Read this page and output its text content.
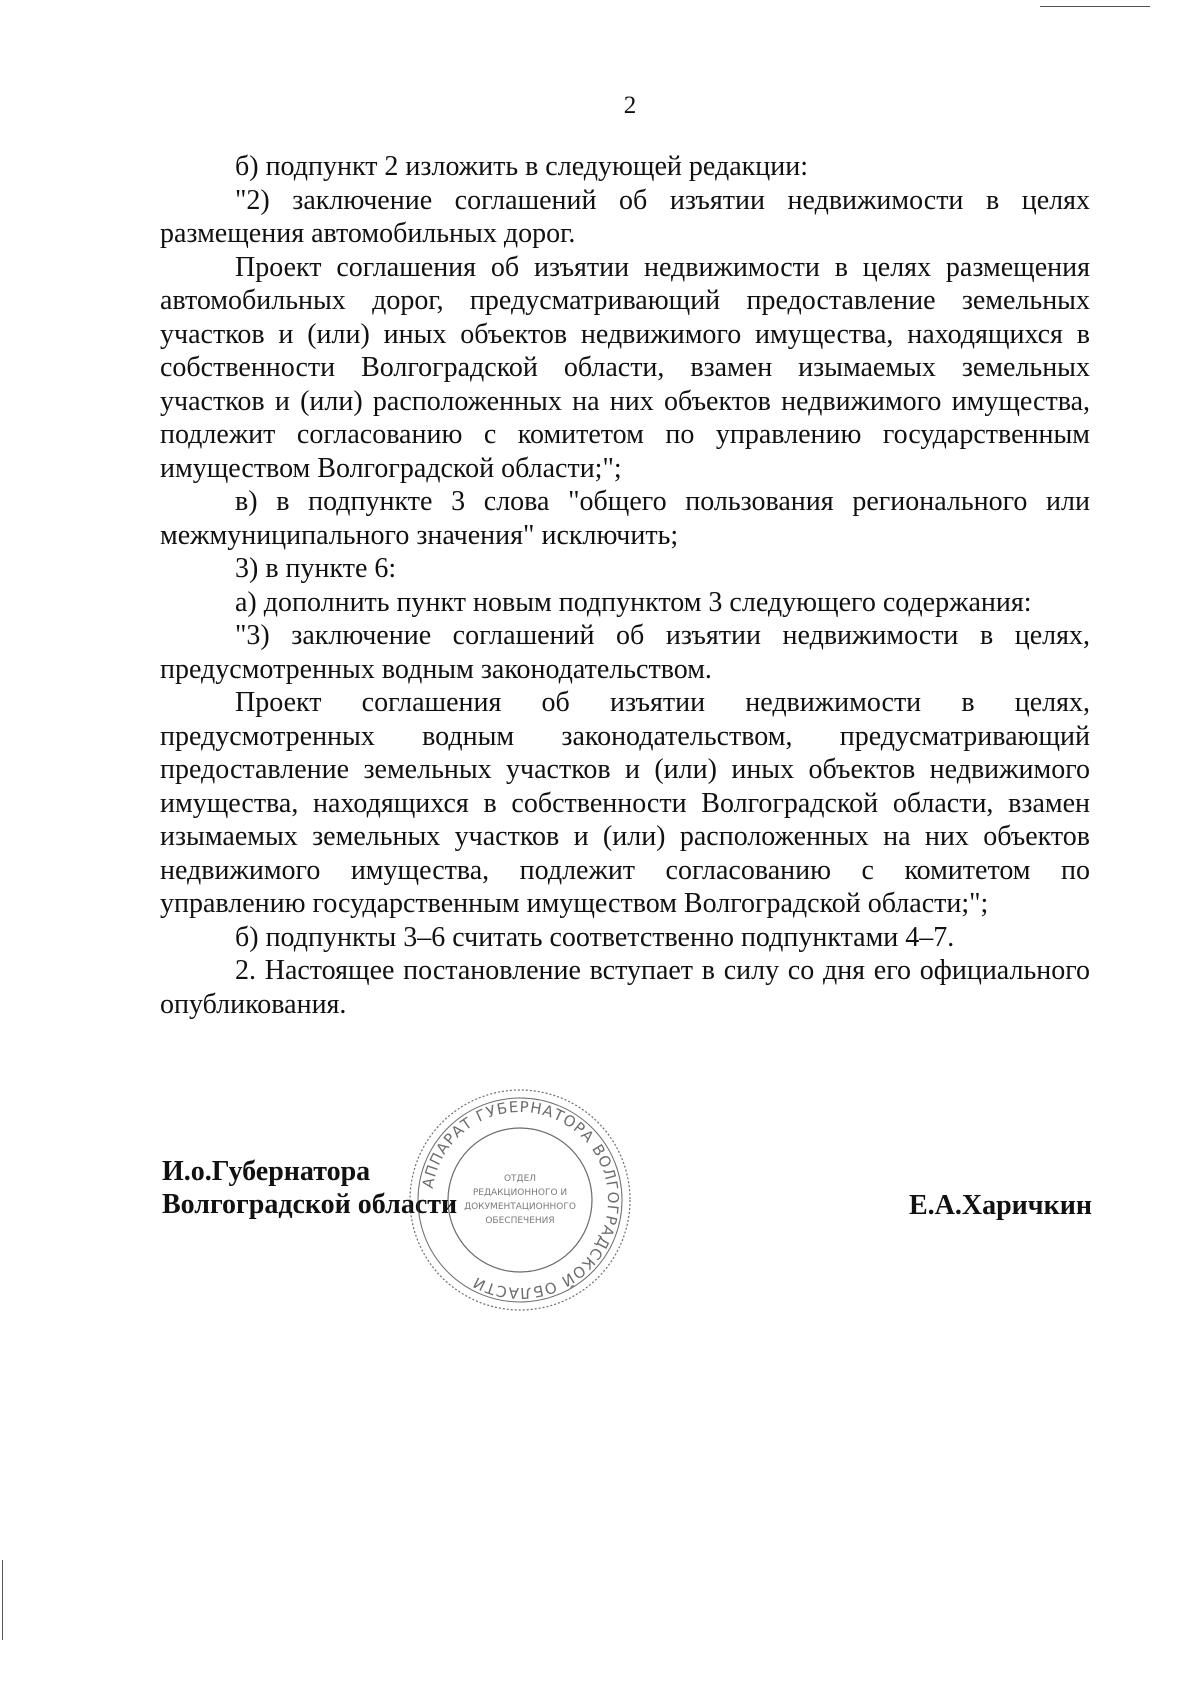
2

б) подпункт 2 изложить в следующей редакции:

"2) заключение соглашений об изъятии недвижимости в целях размещения автомобильных дорог.

Проект соглашения об изъятии недвижимости в целях размещения автомобильных дорог, предусматривающий предоставление земельных участков и (или) иных объектов недвижимого имущества, находящихся в собственности Волгоградской области, взамен изымаемых земельных участков и (или) расположенных на них объектов недвижимого имущества, подлежит согласованию с комитетом по управлению государственным имуществом Волгоградской области;";

в) в подпункте 3 слова "общего пользования регионального или межмуниципального значения" исключить;

3) в пункте 6:

а) дополнить пункт новым подпунктом 3 следующего содержания:

"3) заключение соглашений об изъятии недвижимости в целях, предусмотренных водным законодательством.

Проект соглашения об изъятии недвижимости в целях, предусмотренных водным законодательством, предусматривающий предоставление земельных участков и (или) иных объектов недвижимого имущества, находящихся в собственности Волгоградской области, взамен изымаемых земельных участков и (или) расположенных на них объектов недвижимого имущества, подлежит согласованию с комитетом по управлению государственным имуществом Волгоградской области;";

б) подпункты 3–6 считать соответственно подпунктами 4–7.

2. Настоящее постановление вступает в силу со дня его официального опубликования.

И.о.Губернатора
Волгоградской области	Е.А.Харичкин
АППАРАТ ГУБЕРНАТОРА ВОЛГОГРАДСКОЙ ОБЛАСТИ
ОТДЕЛ
РЕДАКЦИОННОГО И
ДОКУМЕНТАЦИОННОГО
ОБЕСПЕЧЕНИЯ
